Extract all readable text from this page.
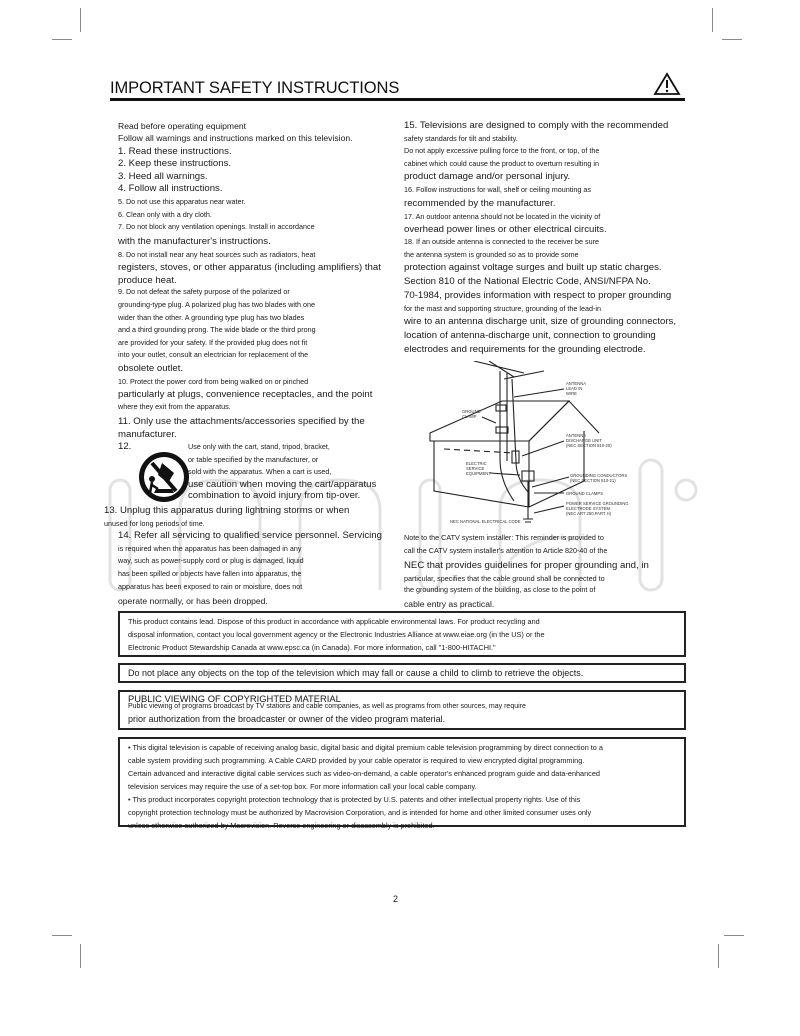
IMPORTANT SAFETY INSTRUCTIONS

Read before operating equipment

Follow all warnings and instructions marked on this television.

1. Read these instructions.

2. Keep these instructions.

3. Heed all warnings.

4. Follow all instructions.

5. Do not use this apparatus near water.

6. Clean only with a dry cloth.

7. Do not block any ventilation openings. Install in accordance

with the manufacturer's instructions.

8. Do not install near any heat sources such as radiators, heat

registers, stoves, or other apparatus (including amplifiers) that

produce heat.

9. Do not defeat the safety purpose of the polarized or

grounding-type plug. A polarized plug has two blades with one

wider than the other. A grounding type plug has two blades

and a third grounding prong. The wide blade or the third prong

are provided for your safety. If the provided plug does not fit

into your outlet, consult an electrician for replacement of the

obsolete outlet.

10. Protect the power cord from being walked on or pinched

particularly at plugs, convenience receptacles, and the point

where they exit from the apparatus.

11. Only use the attachments/accessories specified by the

manufacturer.

12.	Use only with the cart, stand, tripod, bracket,

or table specified by the manufacturer, or

sold with the apparatus. When a cart is used,

use caution when moving the cart/apparatus

combination to avoid injury from tip-over.

13. Unplug this apparatus during lightning storms or when

unused for long periods of time.

14. Refer all servicing to qualified service personnel. Servicing

is required when the apparatus has been damaged in any

way, such as power-supply cord or plug is damaged, liquid

has been spilled or objects have fallen into apparatus, the

apparatus has been exposed to rain or moisture, does not

operate normally, or has been dropped.

15. Televisions are designed to comply with the recommended

safety standards for tilt and stability.

Do not apply excessive pulling force to the front, or top, of the

cabinet which could cause the product to overturn resulting in

product damage and/or personal injury.

16. Follow instructions for wall, shelf or ceiling mounting as

recommended by the manufacturer.

17. An outdoor antenna should not be located in the vicinity of

overhead power lines or other electrical circuits.

18. If an outside antenna is connected to the receiver be sure

the antenna system is grounded so as to provide some

protection against voltage surges and built up static charges.

Section 810 of the National Electric Code, ANSI/NFPA No.

70-1984, provides information with respect to proper grounding

for the mast and supporting structure, grounding of the lead-in

wire to an antenna discharge unit, size of grounding connectors,

location of antenna-discharge unit, connection to grounding

electrodes and requirements for the grounding electrode.

ANTENNA
LEAD IN
WIRE
GROUND
CLAMP
ANTENNA
DISCHARGE UNIT
(NEC SECTION 810-20)
ELECTRIC
SERVICE
EQUIPMENT	GROUNDING CONDUCTORS
(NEC SECTION 810-21)
GROUND CLAMPS
POWER SERVICE GROUNDING
ELECTRODE SYSTEM
(NEC ART 250,PART H)
NEC NATIONAL ELECTRICAL CODE

Note to the CATV system installer: This reminder is provided to

call the CATV system installer's attention to Article 820-40 of the

NEC that provides guidelines for proper grounding and, in

particular, specifies that the cable ground shall be connected to

the grounding system of the building, as close to the point of

cable entry as practical.

This product contains lead. Dispose of this product in accordance with applicable environmental laws. For product recycling and

disposal information, contact you local government agency or the Electronic Industries Alliance at www.eiae.org (in the US) or the

Electronic Product Stewardship Canada at www.epsc.ca (in Canada). For more information, call "1-800-HITACHI."

Do not place any objects on the top of the television which may fall or cause a child to climb to retrieve the objects.

PUBLIC VIEWING OF COPYRIGHTED MATERIAL

Public viewing of programs broadcast by TV stations and cable companies, as well as programs from other sources, may require

prior authorization from the broadcaster or owner of the video program material.

• This digital television is capable of receiving analog basic, digital basic and digital premium cable television programming by direct connection to a

cable system providing such programming. A Cable CARD provided by your cable operator is required to view encrypted digital programming.

Certain advanced and interactive digital cable services such as video-on-demand, a cable operator's enhanced program guide and data-enhanced

television services may require the use of a set-top box. For more information call your local cable company.

• This product incorporates copyright protection technology that is protected by U.S. patents and other intellectual property rights. Use of this

copyright protection technology must be authorized by Macrovision Corporation, and is intended for home and other limited consumer uses only

unless otherwise authorized by Macrovision. Reverse engineering or disassembly is prohibited.

2
